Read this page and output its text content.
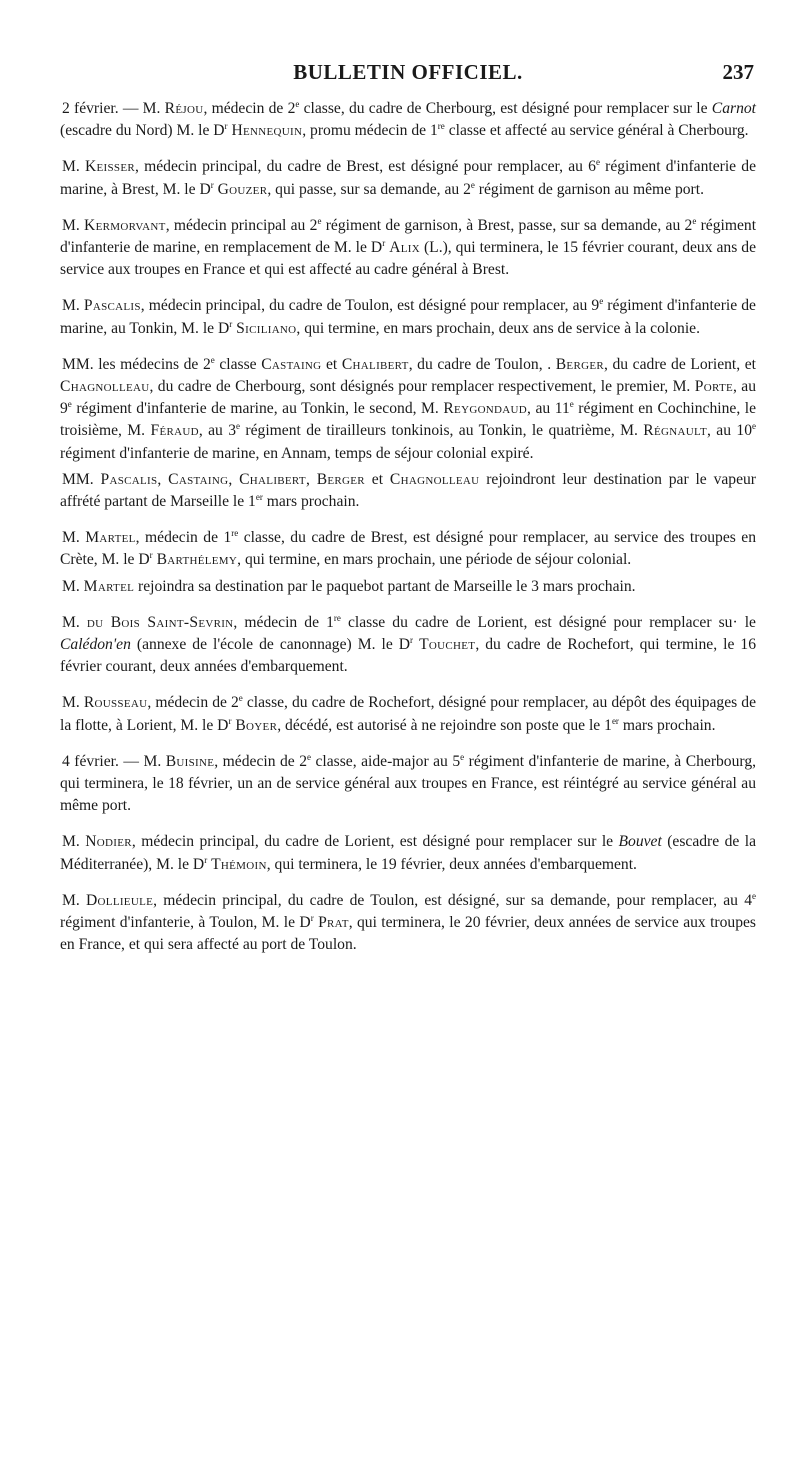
BULLETIN OFFICIEL.	237

2 février. — M. Réjou, médecin de 2e classe, du cadre de Cherbourg, est désigné pour remplacer sur le Carnot (escadre du Nord) M. le $D^r$ Hennequin, promu médecin de 1re classe et affecté au service général à Cherbourg.

M. Keisser, médecin principal, du cadre de Brest, est désigné pour remplacer, au 6e régiment d'infanterie de marine, à Brest, M. le $D^r$ Gouzer, qui passe, sur sa demande, au 2e régiment de garnison au même port.

M. Kermorvant, médecin principal au 2e régiment de garnison, à Brest, passe, sur sa demande, au 2e régiment d'infanterie de marine, en remplacement de M. le $D^r$ Alix (L.), qui terminera, le 15 février courant, deux ans de service aux troupes en France et qui est affecté au cadre général à Brest.

M. Pascalis, médecin principal, du cadre de Toulon, est désigné pour remplacer, au 9e régiment d'infanterie de marine, au Tonkin, M. le $D^r$ Siciliano, qui termine, en mars prochain, deux ans de service à la colonie.

MM. les médecins de 2e classe Castaing et Chalibert, du cadre de Toulon, . Berger, du cadre de Lorient, et Chagnolleau, du cadre de Cherbourg, sont désignés pour remplacer respectivement, le premier, M. Porte, au 9e régiment d'infanterie de marine, au Tonkin, le second, M. Reygondaud, au 11e régiment en Cochinchine, le troisième, M. Féraud, au 3e régiment de tirailleurs tonkinois, au Tonkin, le quatrième, M. Régnault, au 10e régiment d'infanterie de marine, en Annam, temps de séjour colonial expiré.

MM. Pascalis, Castaing, Chalibert, Berger et Chagnolleau rejoindront leur destination par le vapeur affrété partant de Marseille le 1er mars prochain.

M. Martel, médecin de 1re classe, du cadre de Brest, est désigné pour remplacer, au service des troupes en Crète, M. le $D^r$ Barthélemy, qui termine, en mars prochain, une période de séjour colonial.

M. Martel rejoindra sa destination par le paquebot partant de Marseille le 3 mars prochain.

M. du Bois Saint-Sevrin, médecin de 1re classe du cadre de Lorient, est désigné pour remplacer su· le Calédon'en (annexe de l'école de canonnage) M. le $D^r$ Touchet, du cadre de Rochefort, qui termine, le 16 février courant, deux années d'embarquement.

M. Rousseau, médecin de 2e classe, du cadre de Rochefort, désigné pour remplacer, au dépôt des équipages de la flotte, à Lorient, M. le $D^r$ Boyer, décédé, est autorisé à ne rejoindre son poste que le 1er mars prochain.

4 février. — M. Buisine, médecin de 2e classe, aide-major au 5e régiment d'infanterie de marine, à Cherbourg, qui terminera, le 18 février, un an de service général aux troupes en France, est réintégré au service général au même port.

M. Nodier, médecin principal, du cadre de Lorient, est désigné pour remplacer sur le Bouvet (escadre de la Méditerranée), M. le $D^r$ Thémoin, qui terminera, le 19 février, deux années d'embarquement.

M. Dollieule, médecin principal, du cadre de Toulon, est désigné, sur sa demande, pour remplacer, au 4e régiment d'infanterie, à Toulon, M. le $D^r$ Prat, qui terminera, le 20 février, deux années de service aux troupes en France, et qui sera affecté au port de Toulon.
